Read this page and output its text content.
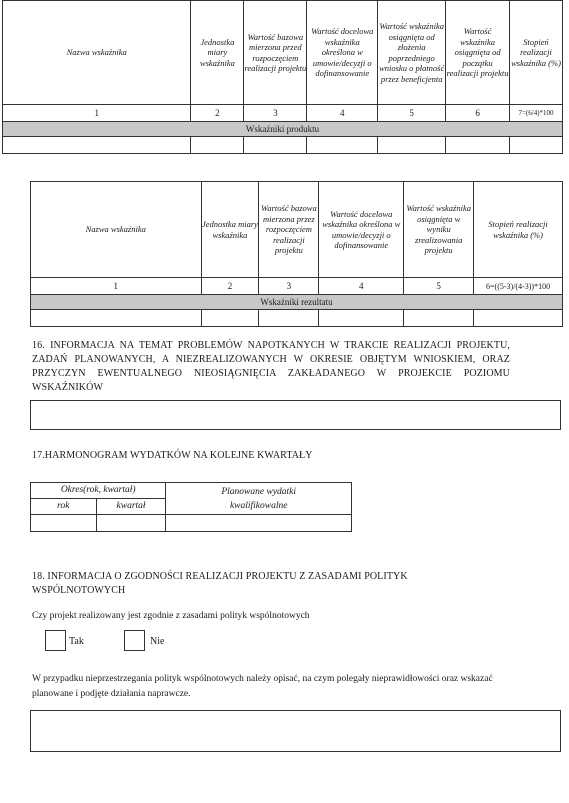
Nazwa wskaźnika	Jednostka miary wskaźnika	Wartość bazowa mierzona przed rozpoczęciem realizacji projektu	Wartość docelowa wskaźnika określona w umowie/decyzji o dofinansowanie	Wartość wskaźnika osiągnięta od złożenia poprzedniego wniosku o płatność przez beneficjenta	Wartość wskaźnika osiągnięta od początku realizacji projektu	Stopień realizacji wskaźnika (%)
1	2	3	4	5	6	7=(6/4)*100
Wskaźniki produktu						

Nazwa wskaźnika	Jednostka miary wskaźnika	Wartość bazowa mierzona przez rozpoczęciem realizacji projektu	Wartość docelowa wskaźnika określona w umowie/decyzji o dofinansowanie	Wartość wskaźnika osiągnięta w wyniku zrealizowania projektu	Stopień realizacji wskaźnika (%)
1	2	3	4	5	6=((5-3)/(4-3))*100
Wskaźniki rezultatu					

16. INFORMACJA NA TEMAT PROBLEMÓW NAPOTKANYCH W TRAKCIE REALIZACJI PROJEKTU, ZADAŃ PLANOWANYCH, A NIEZREALIZOWANYCH W OKRESIE OBJĘTYM WNIOSKIEM, ORAZ PRZYCZYN EWENTUALNEGO NIEOSIĄGNIĘCIA ZAKŁADANEGO W PROJEKCIE POZIOMU WSKAŹNIKÓW
17.HARMONOGRAM WYDATKÓW NA KOLEJNE KWARTAŁY
Okres(rok, kwartał)		Planowane wydatki kwalifikowalne
rok	kwartał	

18. INFORMACJA O ZGODNOŚCI REALIZACJI PROJEKTU Z ZASADAMI POLITYK WSPÓLNOTOWYCH
Czy projekt realizowany jest zgodnie z zasadami polityk wspólnotowych
Tak	Nie
W przypadku nieprzestrzegania polityk wspólnotowych należy opisać, na czym polegały nieprawidłowości oraz wskazać planowane i podjęte działania naprawcze.
